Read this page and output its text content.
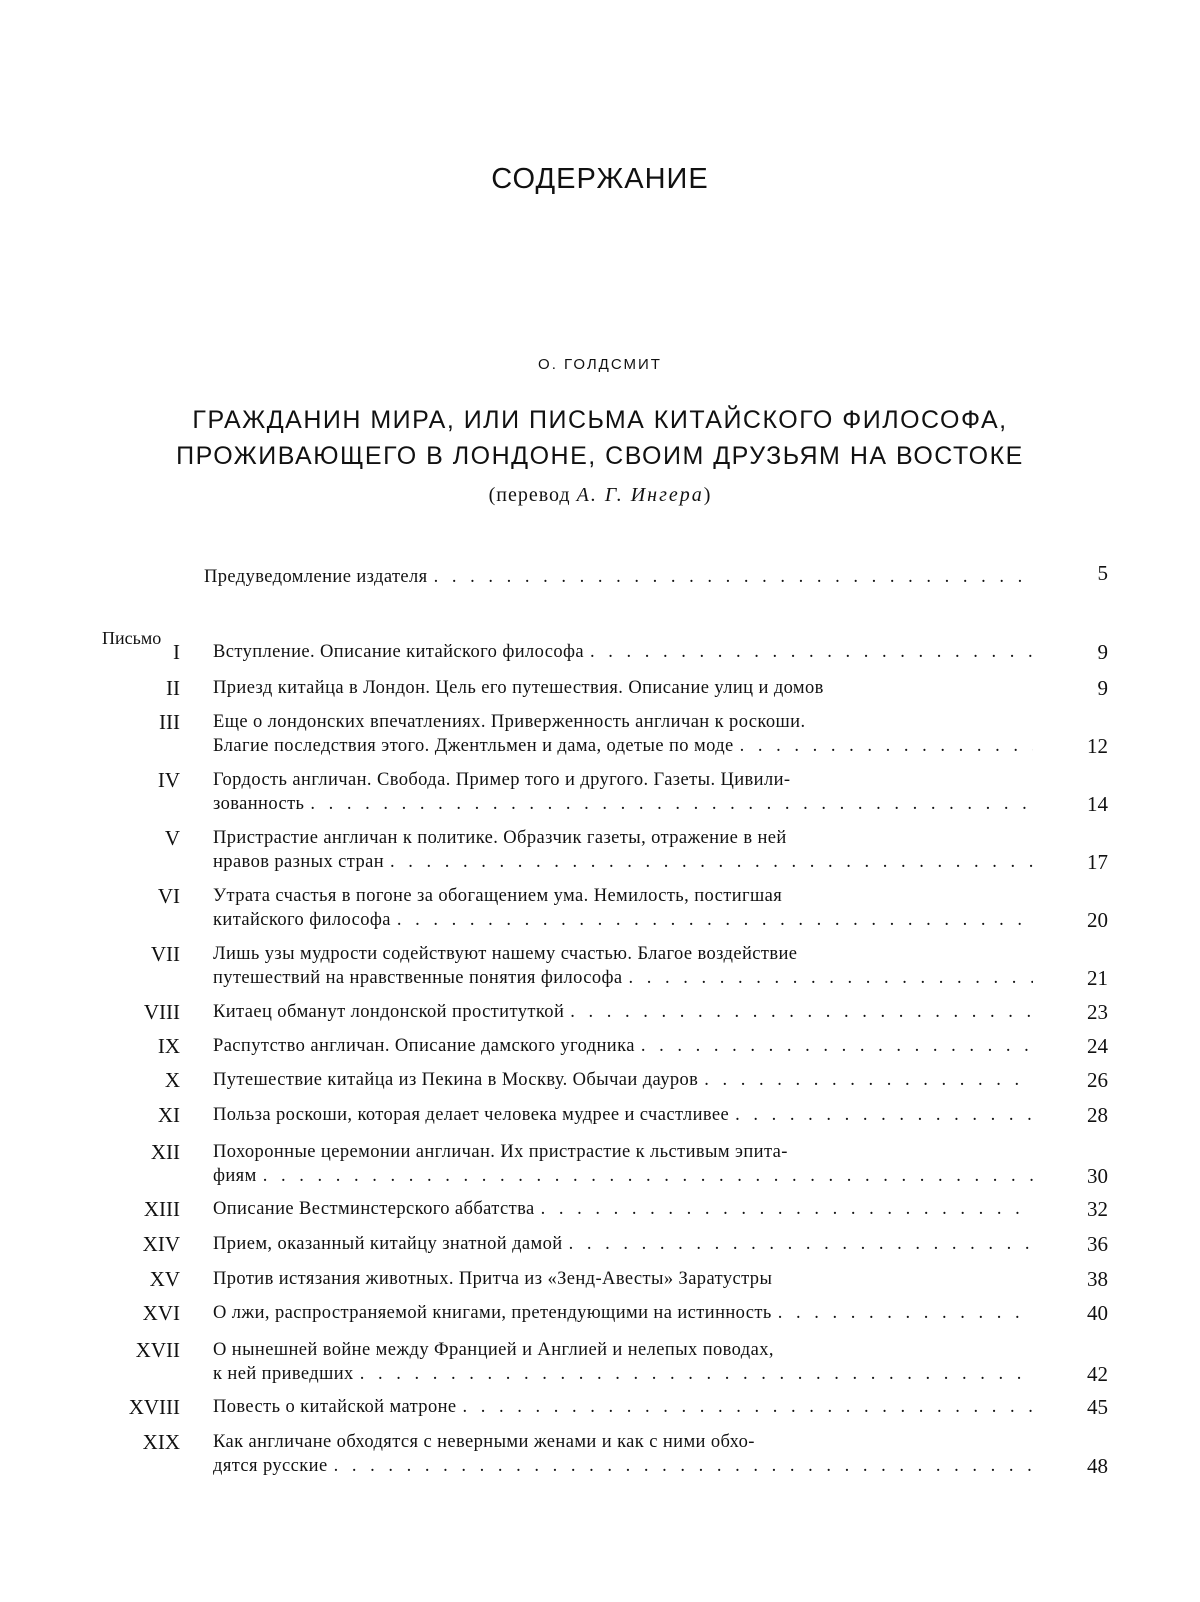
СОДЕРЖАНИЕ
О. ГОЛДСМИТ
ГРАЖДАНИН МИРА, ИЛИ ПИСЬМА КИТАЙСКОГО ФИЛОСОФА,
ПРОЖИВАЮЩЕГО В ЛОНДОНЕ, СВОИМ ДРУЗЬЯМ НА ВОСТОКЕ
(перевод А. Г. Ингера)
Предуведомление издателя . . .	5
Письмо
I Вступление. Описание китайского философа . . .	9
II Приезд китайца в Лондон. Цель его путешествия. Описание улиц и домов	9
III Еще о лондонских впечатлениях. Приверженность англичан к роскоши.
Благие последствия этого. Джентльмен и дама, одетые по моде . . .	12
IV Гордость англичан. Свобода. Пример того и другого. Газеты. Цивили-
зованность . . .	14
V Пристрастие англичан к политике. Образчик газеты, отражение в ней
нравов разных стран . . .	17
VI Утрата счастья в погоне за обогащением ума. Немилость, постигшая
китайского философа . . .	20
VII Лишь узы мудрости содействуют нашему счастью. Благое воздействие
путешествий на нравственные понятия философа . . .	21
VIII Китаец обманут лондонской проституткой . . .	23
IX Распутство англичан. Описание дамского угодника . . .	24
X Путешествие китайца из Пекина в Москву. Обычаи дауров . . .	26
XI Польза роскоши, которая делает человека мудрее и счастливее . . .	28
XII Похоронные церемонии англичан. Их пристрастие к льстивым эпита-
фиям . . .	30
XIII Описание Вестминстерского аббатства . . .	32
XIV Прием, оказанный китайцу знатной дамой . . .	36
XV Против истязания животных. Притча из «Зенд-Авесты» Заратустры	38
XVI О лжи, распространяемой книгами, претендующими на истинность . . .	40
XVII О нынешней войне между Францией и Англией и нелепых поводах,
к ней приведших . . .	42
XVIII Повесть о китайской матроне . . .	45
XIX Как англичане обходятся с неверными женами и как с ними обхо-
дятся русские . . .	48
